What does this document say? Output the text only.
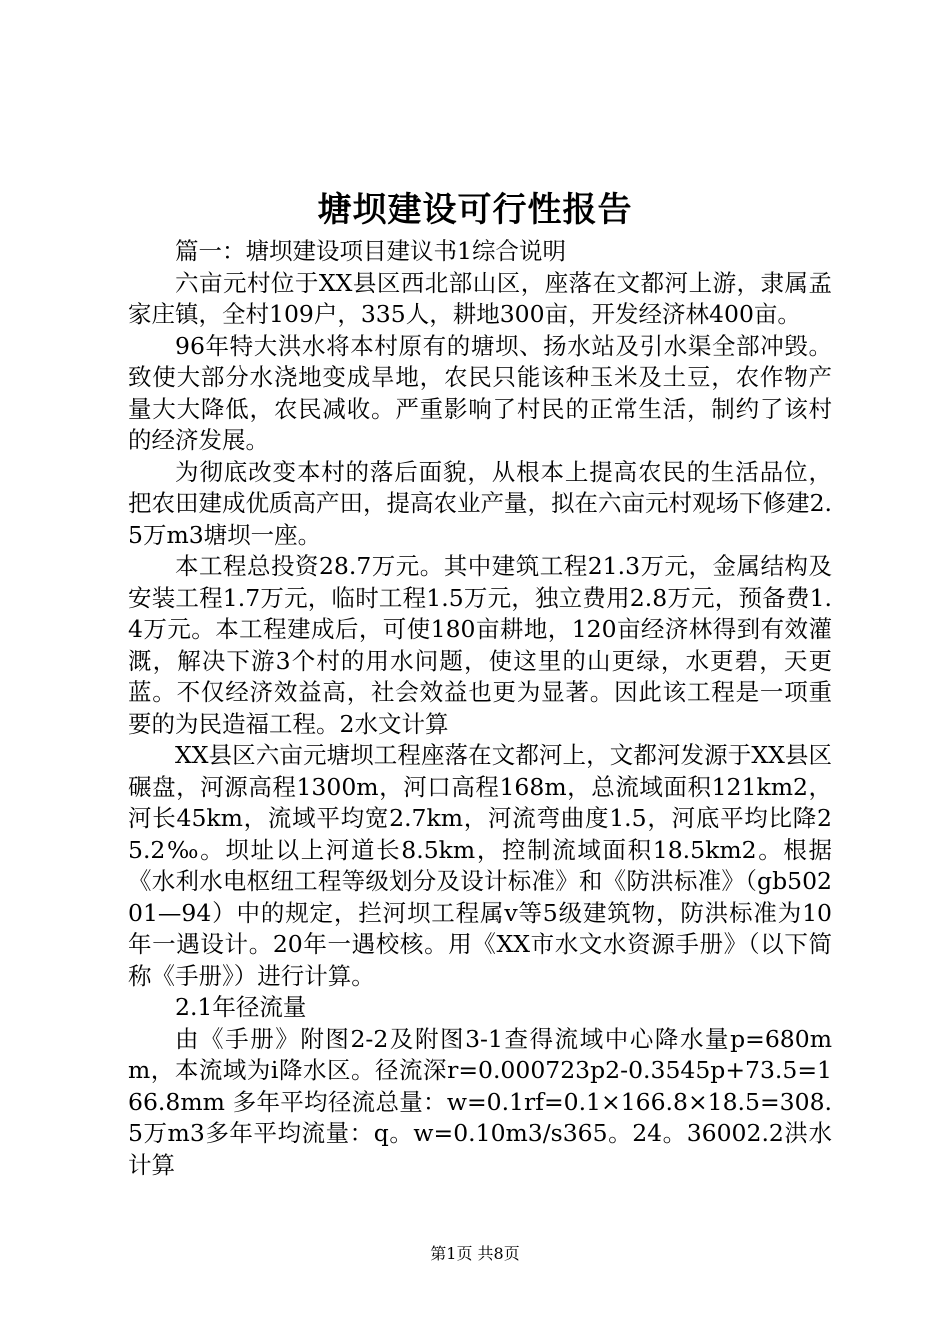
塘坝建设可行性报告

篇一：塘坝建设项目建议书1综合说明

六亩元村位于XX县区西北部山区，座落在文都河上游，隶属孟家庄镇，全村109户，335人，耕地300亩，开发经济林400亩。

96年特大洪水将本村原有的塘坝、扬水站及引水渠全部冲毁。致使大部分水浇地变成旱地，农民只能该种玉米及土豆，农作物产量大大降低，农民减收。严重影响了村民的正常生活，制约了该村的经济发展。

为彻底改变本村的落后面貌，从根本上提高农民的生活品位，把农田建成优质高产田，提高农业产量，拟在六亩元村观场下修建2.5万m3塘坝一座。

本工程总投资28.7万元。其中建筑工程21.3万元，金属结构及安装工程1.7万元，临时工程1.5万元，独立费用2.8万元，预备费1.4万元。本工程建成后，可使180亩耕地，120亩经济林得到有效灌溉，解决下游3个村的用水问题，使这里的山更绿，水更碧，天更蓝。不仅经济效益高，社会效益也更为显著。因此该工程是一项重要的为民造福工程。2水文计算

XX县区六亩元塘坝工程座落在文都河上，文都河发源于XX县区碾盘，河源高程1300m，河口高程168m，总流域面积121km2，河长45km，流域平均宽2.7km，河流弯曲度1.5，河底平均比降25.2‰。坝址以上河道长8.5km，控制流域面积18.5km2。根据《水利水电枢纽工程等级划分及设计标准》和《防洪标准》（gb50201—94）中的规定，拦河坝工程属v等5级建筑物，防洪标准为10年一遇设计。20年一遇校核。用《XX市水文水资源手册》（以下简称《手册》）进行计算。

2.1年径流量

由《手册》附图2-2及附图3-1查得流域中心降水量p=680mm，本流域为i降水区。径流深r=0.000723p2-0.3545p+73.5=166.8mm 多年平均径流总量：w=0.1rf=0.1×166.8×18.5=308.5万m3多年平均流量：q。w=0.10m3/s365。24。36002.2洪水计算

第1页 共8页
